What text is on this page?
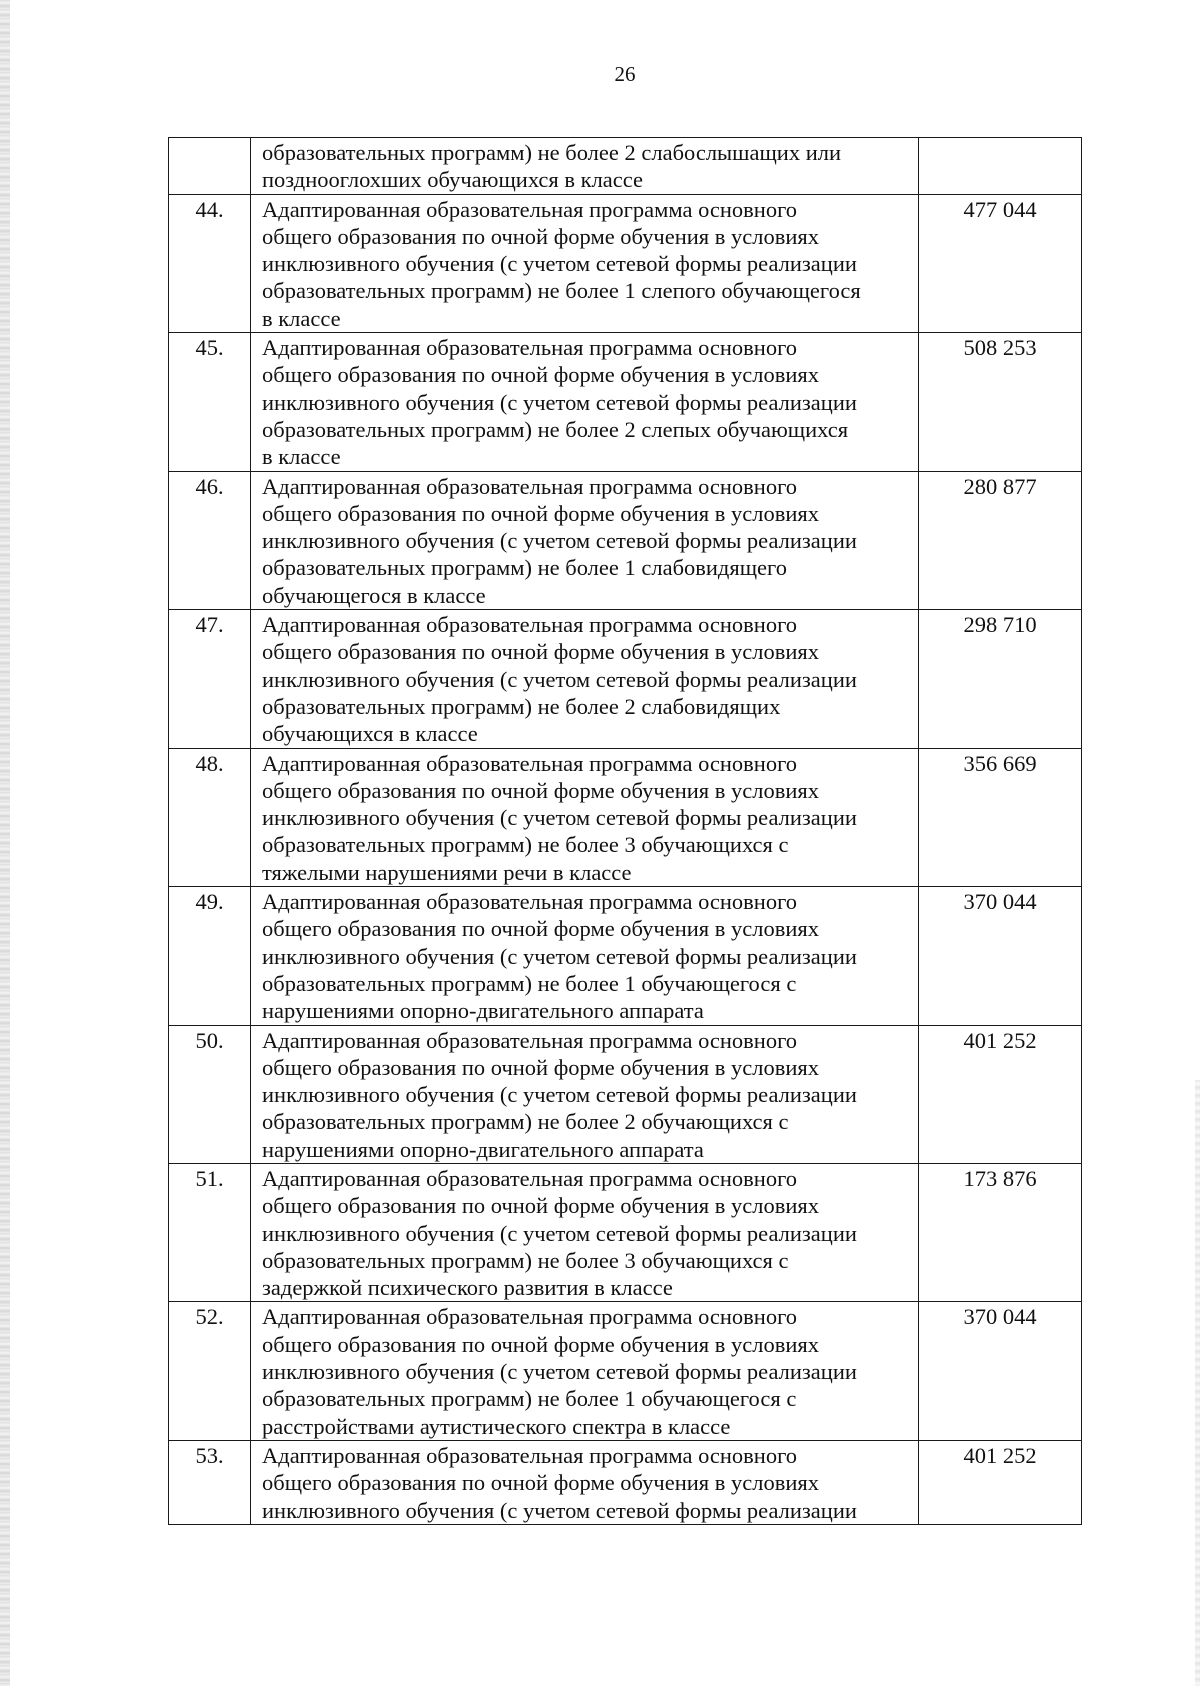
26

	образовательных программ) не более 2 слабослышащих или
позднооглохших обучающихся в классе	

44.	Адаптированная образовательная программа основного
общего образования по очной форме обучения в условиях
инклюзивного обучения (с учетом сетевой формы реализации
образовательных программ) не более 1 слепого обучающегося
в классе	477 044
45.	Адаптированная образовательная программа основного
общего образования по очной форме обучения в условиях
инклюзивного обучения (с учетом сетевой формы реализации
образовательных программ) не более 2 слепых обучающихся
в классе	508 253
46.	Адаптированная образовательная программа основного
общего образования по очной форме обучения в условиях
инклюзивного обучения (с учетом сетевой формы реализации
образовательных программ) не более 1 слабовидящего
обучающегося в классе	280 877
47.	Адаптированная образовательная программа основного
общего образования по очной форме обучения в условиях
инклюзивного обучения (с учетом сетевой формы реализации
образовательных программ) не более 2 слабовидящих
обучающихся в классе	298 710
48.	Адаптированная образовательная программа основного
общего образования по очной форме обучения в условиях
инклюзивного обучения (с учетом сетевой формы реализации
образовательных программ) не более 3 обучающихся с
тяжелыми нарушениями речи в классе	356 669
49.	Адаптированная образовательная программа основного
общего образования по очной форме обучения в условиях
инклюзивного обучения (с учетом сетевой формы реализации
образовательных программ) не более 1 обучающегося с
нарушениями опорно-двигательного аппарата	370 044
50.	Адаптированная образовательная программа основного
общего образования по очной форме обучения в условиях
инклюзивного обучения (с учетом сетевой формы реализации
образовательных программ) не более 2 обучающихся с
нарушениями опорно-двигательного аппарата	401 252
51.	Адаптированная образовательная программа основного
общего образования по очной форме обучения в условиях
инклюзивного обучения (с учетом сетевой формы реализации
образовательных программ) не более 3 обучающихся с
задержкой психического развития в классе	173 876
52.	Адаптированная образовательная программа основного
общего образования по очной форме обучения в условиях
инклюзивного обучения (с учетом сетевой формы реализации
образовательных программ) не более 1 обучающегося с
расстройствами аутистического спектра в классе	370 044
53.	Адаптированная образовательная программа основного
общего образования по очной форме обучения в условиях
инклюзивного обучения (с учетом сетевой формы реализации	401 252
